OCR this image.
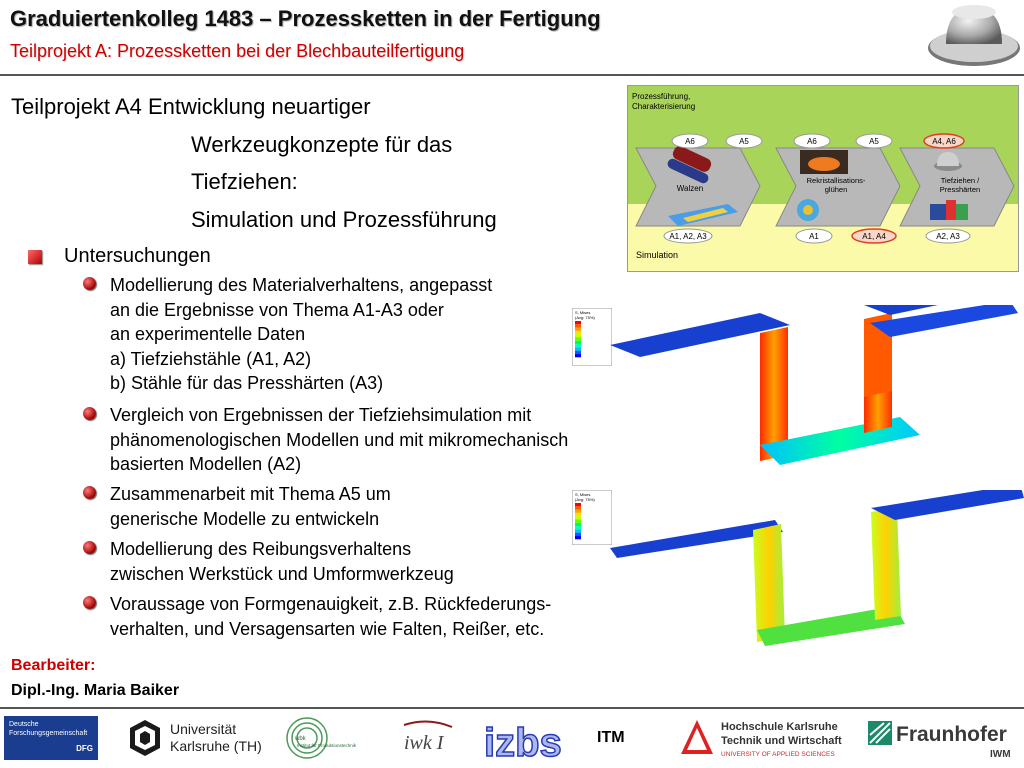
Graduiertenkolleg 1483 – Prozessketten in der Fertigung
Teilprojekt A: Prozessketten bei der Blechbauteilfertigung
Teilprojekt A4 Entwicklung neuartiger
Werkzeugkonzepte für das
Tiefziehen:
Simulation und Prozessführung
Prozessführung,
Charakterisierung
Simulation
Walzen
Rekristallisations-
glühen
Tiefziehen /
Presshärten
A6	A5	A6	A5	A4, A6
A1, A2, A3	A1	A1, A4	A2, A3
Untersuchungen
Modellierung des Materialverhaltens, angepasst
an die Ergebnisse von Thema A1-A3 oder
an experimentelle Daten
a) Tiefziehstähle (A1, A2)
b) Stähle für das Presshärten (A3)
Vergleich von Ergebnissen der Tiefziehsimulation mit
phänomenologischen Modellen und mit mikromechanisch
basierten Modellen (A2)
Zusammenarbeit mit Thema A5 um
generische Modelle zu entwickeln
Modellierung des Reibungsverhaltens
zwischen Werkstück und Umformwerkzeug
Voraussage von Formgenauigkeit, z.B. Rückfederungs-
verhalten, und Versagensarten wie Falten, Reißer, etc.
S, Mises
(Avg: 75%)
S, Mises
(Avg: 75%)
Bearbeiter:
Dipl.-Ing. Maria Baiker
Deutsche
Forschungsgemeinschaft
DFG
Universität
Karlsruhe (TH)	wbk
Institut für Produktionstechnik iwk I izbs ITM
Hochschule Karlsruhe
Technik und Wirtschaft
UNIVERSITY OF APPLIED SCIENCES
Fraunhofer
IWM
